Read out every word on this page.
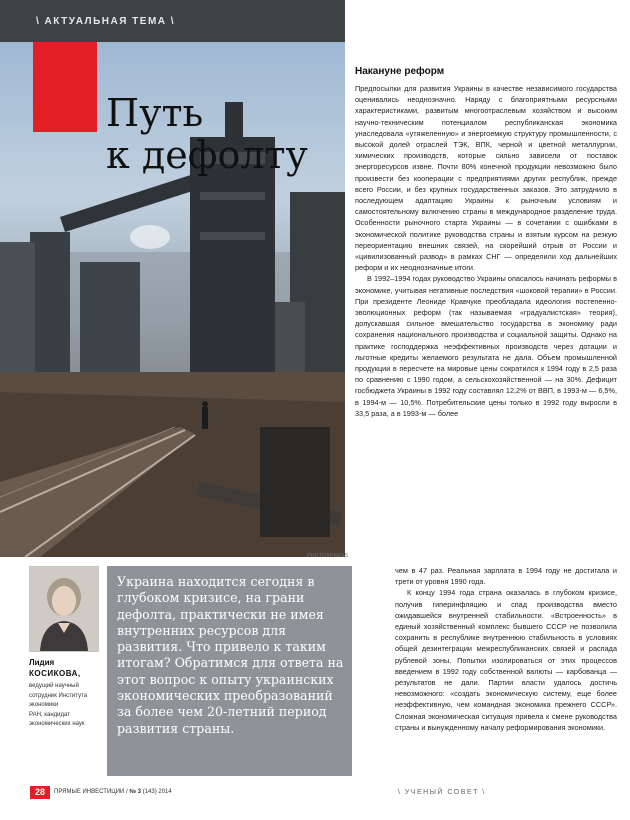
\ АКТУАЛЬНАЯ ТЕМА \
Путь
к дефолту
PHOTOXPRESS
Накануне реформ

Предпосылки для развития Украины в качестве независимого государства оценивались неоднозначно. Наряду с благоприятными ресурсными характеристиками, развитым многоотраслевым хозяйством и высоким научно-техническим потенциалом республиканская экономика унаследовала «утяжеленную» и энергоемкую структуру промышленности, с высокой долей отраслей ТЭК, ВПК, черной и цветной металлургии, химических производств, которые сильно зависели от поставок энергоресурсов извне. Почти 80% конечной продукции невозможно было произвести без кооперации с предприятиями других республик, прежде всего России, и без крупных государственных заказов. Это затруднило в последующем адаптацию Украины к рыночным условиям и самостоятельному включению страны в международное разделение труда. Особенности рыночного старта Украины — в сочетании с ошибками в экономической политике руководства страны и взятым курсом на резкую переориентацию внешних связей, на скорейший отрыв от России и «цивилизованный развод» в рамках СНГ — определили ход дальнейших реформ и их неоднозначные итоги.

В 1992–1994 годах руководство Украины опасалось начинать реформы в экономике, учитывая негативные последствия «шоковой терапии» в России. При президенте Леониде Кравчуке преобладала идеология постепенно-эволюционных реформ (так называемая «градуалистская» теория), допускавшая сильное вмешательство государства в экономику ради сохранения национального производства и социальной защиты. Однако на практике господдержка неэффективных производств через дотации и льготные кредиты желаемого результата не дала. Объем промышленной продукции в пересчете на мировые цены сократился к 1994 году в 2,5 раза по сравнению с 1990 годом, а сельскохозяйственной — на 30%. Дефицит госбюджета Украины в 1992 году составлял 12,2% от ВВП, в 1993-м — 6,5%, в 1994-м — 10,5%. Потребительские цены только в 1992 году выросли в 33,5 раза, а в 1993-м — более

чем в 47 раз. Реальная зарплата в 1994 году не достигала и трети от уровня 1990 года.

К концу 1994 года страна оказалась в глубоком кризисе, получив гиперинфляцию и спад производства вместо ожидавшейся внутренней стабильности. «Встроенность» в единый хозяйственный комплекс бывшего СССР не позволила сохранить в республике внутреннюю стабильность в условиях общей дезинтеграции межреспубликанских связей и распада рублевой зоны. Попытки изолироваться от этих процессов введением в 1992 году собственной валюты — карбованца — результатов не дали. Партии власти удалось достичь невозможного: «создать экономическую систему, еще более неэффективную, чем командная экономика прежнего СССР». Сложная экономическая ситуация привела к смене руководства страны и вынужденному началу реформирования экономики.

Лидия
КОСИКОВА,
ведущий научный
сотрудник Института
экономики
РАН, кандидат
экономических наук
Украина находится сегодня в глубоком кризисе, на грани дефолта, практически не имея внутренних ресурсов для развития. Что привело к таким итогам? Обратимся для ответа на этот вопрос к опыту украинских экономических преобразований за более чем 20-летний период развития страны.
28	ПРЯМЫЕ ИНВЕСТИЦИИ / № 3 (143) 2014	\ УЧЕНЫЙ СОВЕТ \
